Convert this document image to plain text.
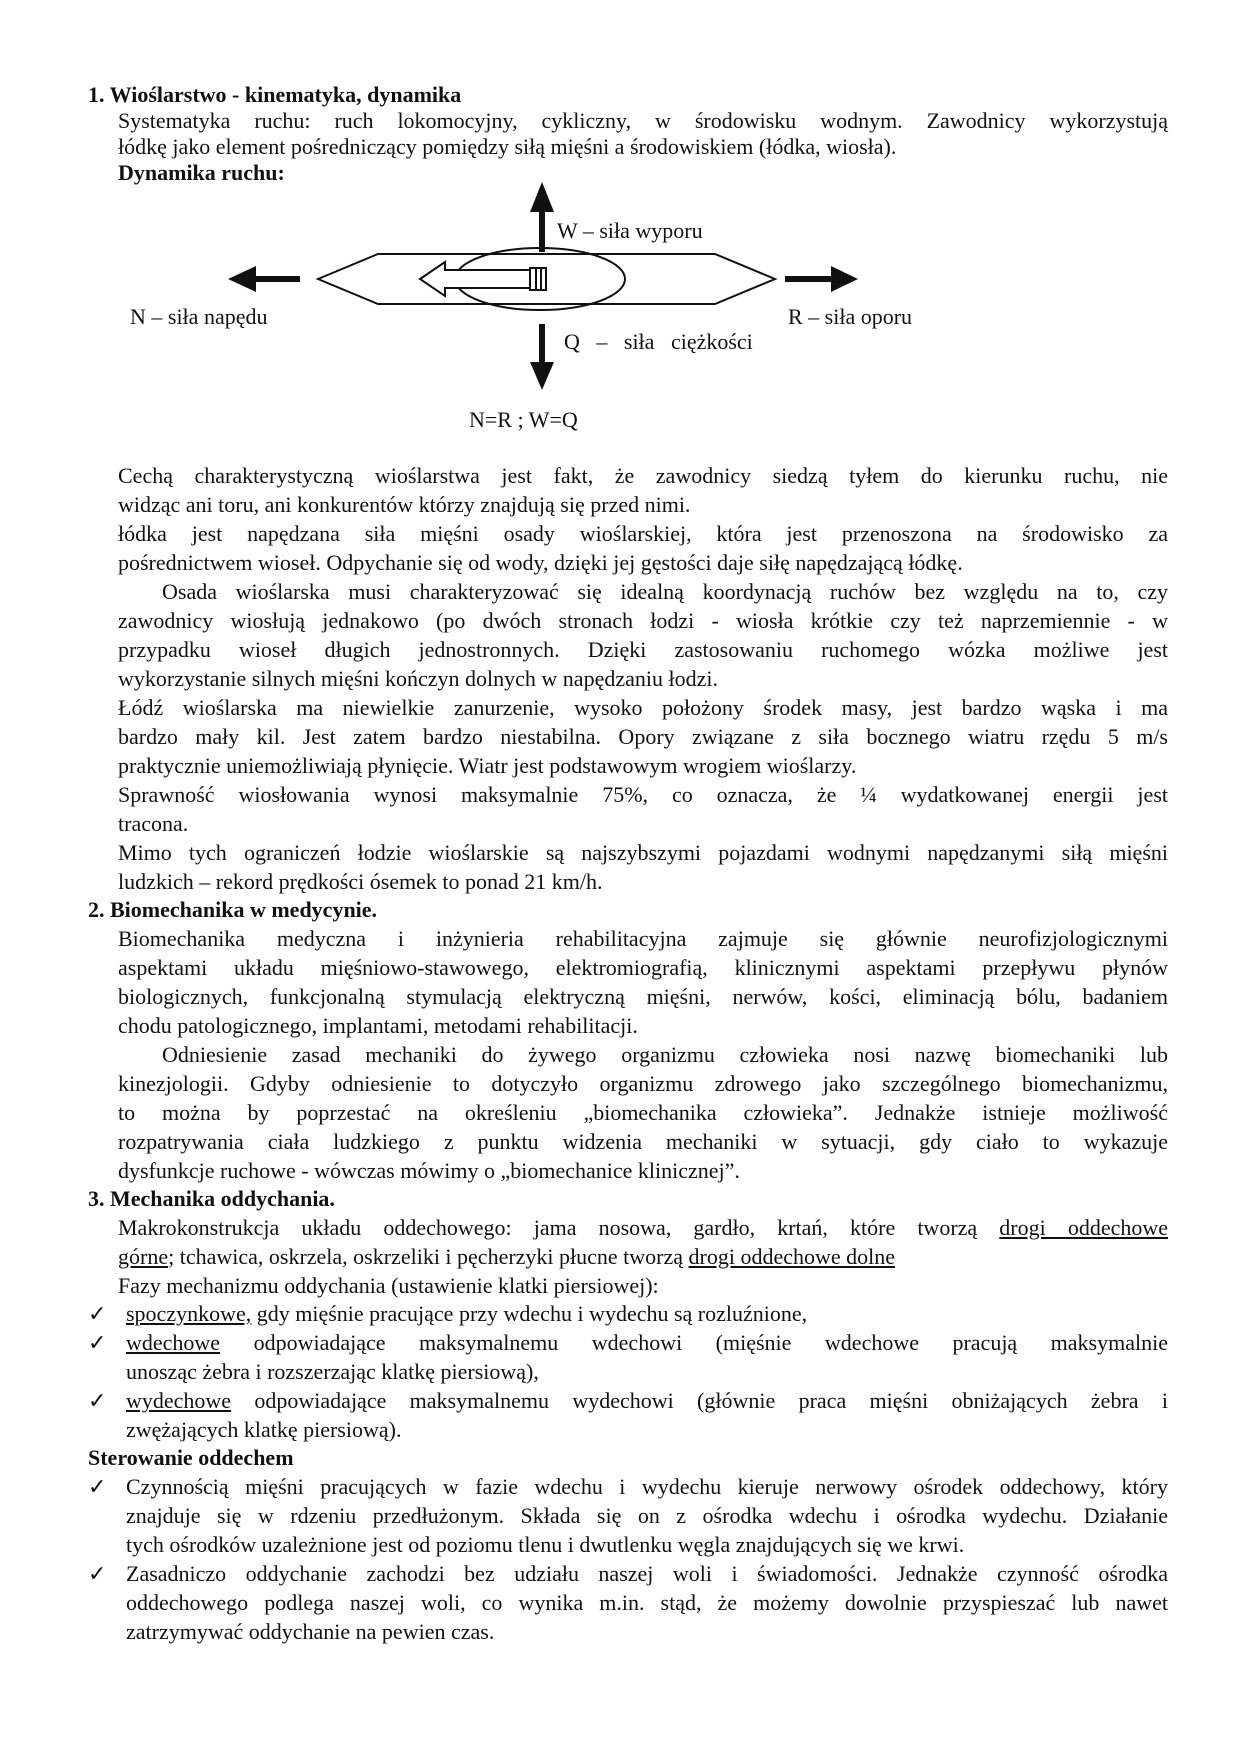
1. Wioślarstwo - kinematyka, dynamika
Systematyka ruchu: ruch lokomocyjny, cykliczny, w środowisku wodnym. Zawodnicy wykorzystują
łódkę jako element pośredniczący pomiędzy siłą mięśni a środowiskiem (łódka, wiosła).
Dynamika ruchu:
W – siła wyporu
N – siła napędu	R – siła oporu
Q   –   siła   ciężkości
N=R ; W=Q
Cechą charakterystyczną wioślarstwa jest fakt, że zawodnicy siedzą tyłem do kierunku ruchu, nie
widząc ani toru, ani konkurentów którzy znajdują się przed nimi.
łódka jest napędzana siła mięśni osady wioślarskiej, która jest przenoszona na środowisko za
pośrednictwem wioseł. Odpychanie się od wody, dzięki jej gęstości daje siłę napędzającą łódkę.
Osada wioślarska musi charakteryzować się idealną koordynacją ruchów bez względu na to, czy
zawodnicy wiosłują jednakowo (po dwóch stronach łodzi - wiosła krótkie czy też naprzemiennie - w
przypadku wioseł długich jednostronnych. Dzięki zastosowaniu ruchomego wózka możliwe jest
wykorzystanie silnych mięśni kończyn dolnych w napędzaniu łodzi.
Łódź wioślarska ma niewielkie zanurzenie, wysoko położony środek masy, jest bardzo wąska i ma
bardzo mały kil. Jest zatem bardzo niestabilna. Opory związane z siła bocznego wiatru rzędu 5 m/s
praktycznie uniemożliwiają płynięcie. Wiatr jest podstawowym wrogiem wioślarzy.
Sprawność wiosłowania wynosi maksymalnie 75%, co oznacza, że ¼ wydatkowanej energii jest
tracona.
Mimo tych ograniczeń łodzie wioślarskie są najszybszymi pojazdami wodnymi napędzanymi siłą mięśni
ludzkich – rekord prędkości ósemek to ponad 21 km/h.
2. Biomechanika w medycynie.
Biomechanika medyczna i inżynieria rehabilitacyjna zajmuje się głównie neurofizjologicznymi
aspektami układu mięśniowo-stawowego, elektromiografią, klinicznymi aspektami przepływu płynów
biologicznych, funkcjonalną stymulacją elektryczną mięśni, nerwów, kości, eliminacją bólu, badaniem
chodu patologicznego, implantami, metodami rehabilitacji.
Odniesienie zasad mechaniki do żywego organizmu człowieka nosi nazwę biomechaniki lub
kinezjologii. Gdyby odniesienie to dotyczyło organizmu zdrowego jako szczególnego biomechanizmu,
to można by poprzestać na określeniu „biomechanika człowieka”. Jednakże istnieje możliwość
rozpatrywania ciała ludzkiego z punktu widzenia mechaniki w sytuacji, gdy ciało to wykazuje
dysfunkcje ruchowe - wówczas mówimy o „biomechanice klinicznej”.
3. Mechanika oddychania.
Makrokonstrukcja układu oddechowego: jama nosowa, gardło, krtań, które tworzą drogi oddechowe
górne; tchawica, oskrzela, oskrzeliki i pęcherzyki płucne tworzą drogi oddechowe dolne
Fazy mechanizmu oddychania (ustawienie klatki piersiowej):
✓ spoczynkowe, gdy mięśnie pracujące przy wdechu i wydechu są rozluźnione,
✓ wdechowe odpowiadające maksymalnemu wdechowi (mięśnie wdechowe pracują maksymalnie
unosząc żebra i rozszerzając klatkę piersiową),
✓ wydechowe odpowiadające maksymalnemu wydechowi (głównie praca mięśni obniżających żebra i
zwężających klatkę piersiową).
Sterowanie oddechem
✓ Czynnością mięśni pracujących w fazie wdechu i wydechu kieruje nerwowy ośrodek oddechowy, który
znajduje się w rdzeniu przedłużonym. Składa się on z ośrodka wdechu i ośrodka wydechu. Działanie
tych ośrodków uzależnione jest od poziomu tlenu i dwutlenku węgla znajdujących się we krwi.
✓ Zasadniczo oddychanie zachodzi bez udziału naszej woli i świadomości. Jednakże czynność ośrodka
oddechowego podlega naszej woli, co wynika m.in. stąd, że możemy dowolnie przyspieszać lub nawet
zatrzymywać oddychanie na pewien czas.
